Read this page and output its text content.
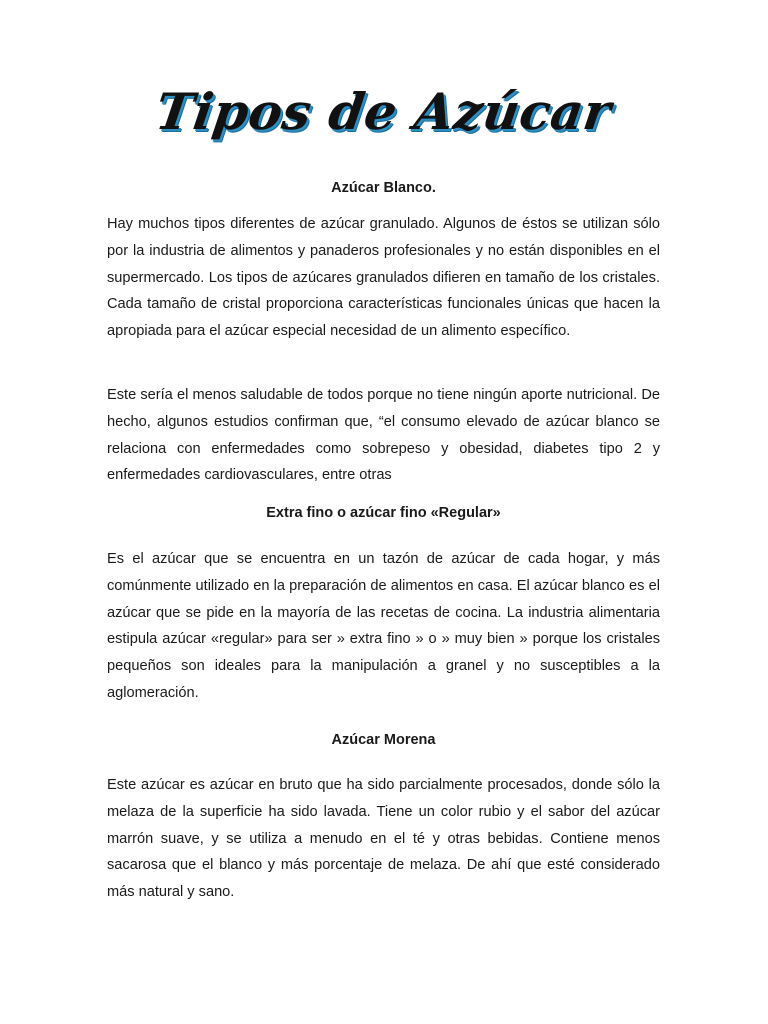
Tipos de Azúcar
Azúcar Blanco.

Hay muchos tipos diferentes de azúcar granulado. Algunos de éstos se utilizan sólo por la industria de alimentos y panaderos profesionales y no están disponibles en el supermercado. Los tipos de azúcares granulados difieren en tamaño de los cristales. Cada tamaño de cristal proporciona características funcionales únicas que hacen la apropiada para el azúcar especial necesidad de un alimento específico.

Este sería el menos saludable de todos porque no tiene ningún aporte nutricional. De hecho, algunos estudios confirman que, “el consumo elevado de azúcar blanco se relaciona con enfermedades como sobrepeso y obesidad, diabetes tipo 2 y enfermedades cardiovasculares, entre otras

Extra fino o azúcar fino «Regular»

Es el azúcar que se encuentra en un tazón de azúcar de cada hogar, y más comúnmente utilizado en la preparación de alimentos en casa. El azúcar blanco es el azúcar que se pide en la mayoría de las recetas de cocina. La industria alimentaria estipula azúcar «regular» para ser » extra fino » o » muy bien » porque los cristales pequeños son ideales para la manipulación a granel y no susceptibles a la aglomeración.

Azúcar Morena

Este azúcar es azúcar en bruto que ha sido parcialmente procesados, donde sólo la melaza de la superficie ha sido lavada. Tiene un color rubio y el sabor del azúcar marrón suave, y se utiliza a menudo en el té y otras bebidas. Contiene menos sacarosa que el blanco y más porcentaje de melaza. De ahí que esté considerado más natural y sano.
